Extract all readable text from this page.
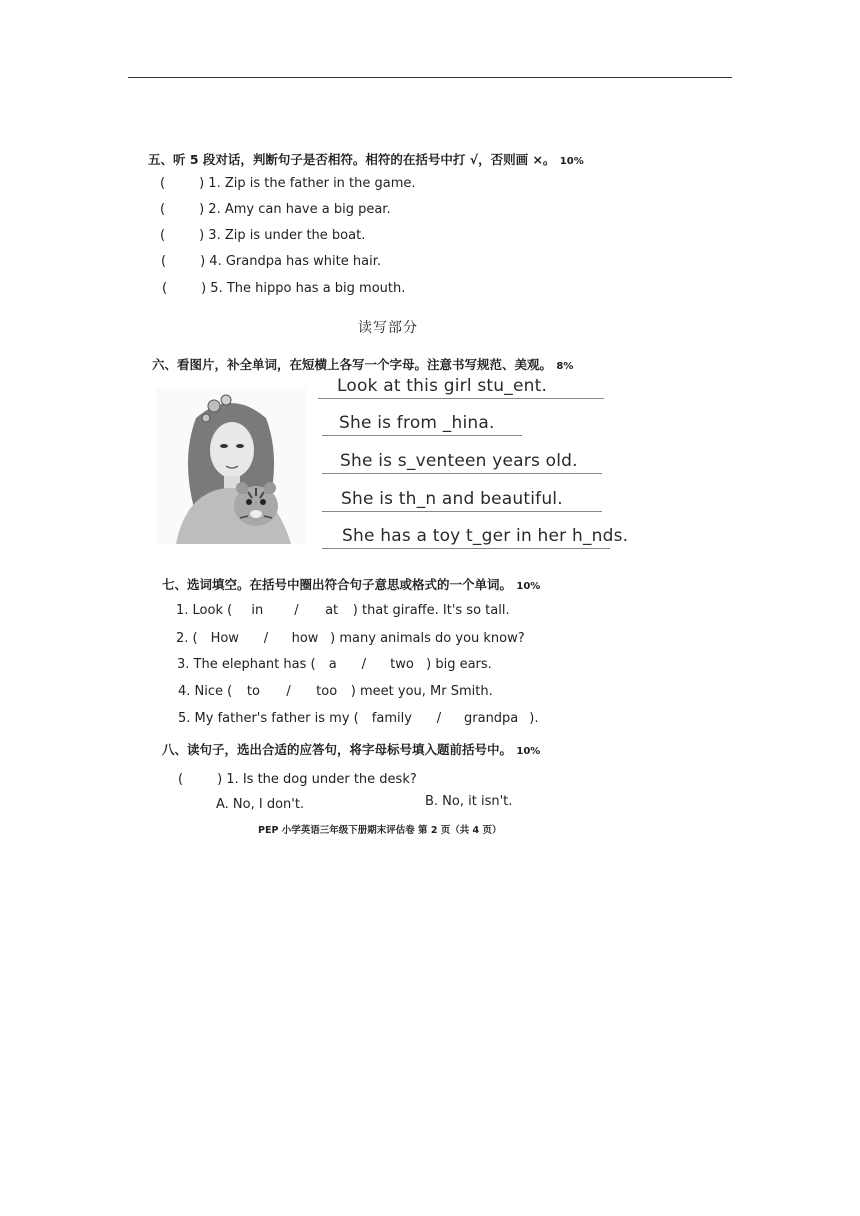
五、听 5 段对话，判断句子是否相符。相符的在括号中打 √，否则画 ×。 10%
(	) 1. Zip is the father in the game.
(	) 2. Amy can have a big pear.
(	) 3. Zip is under the boat.
(	) 4. Grandpa has white hair.
(	) 5. The hippo has a big mouth.
读写部分
六、看图片，补全单词，在短横上各写一个字母。注意书写规范、美观。 8%
Look at this girl stu_ent.
She is from _hina.
She is s_venteen years old.
She is th_n and beautiful.
She has a toy t_ger in her h_nds.
七、选词填空。在括号中圈出符合句子意思或格式的一个单词。 10%
1. Look ( in / at ) that giraffe. It's so tall.
2. ( How / how ) many animals do you know?
3. The elephant has ( a / two ) big ears.
4. Nice ( to / too ) meet you, Mr Smith.
5. My father's father is my ( family / grandpa ).
八、读句子，选出合适的应答句，将字母标号填入题前括号中。 10%
(	) 1. Is the dog under the desk?
A. No, I don't.	B. No, it isn't.
PEP 小学英语三年级下册期末评估卷 第 2 页（共 4 页）
